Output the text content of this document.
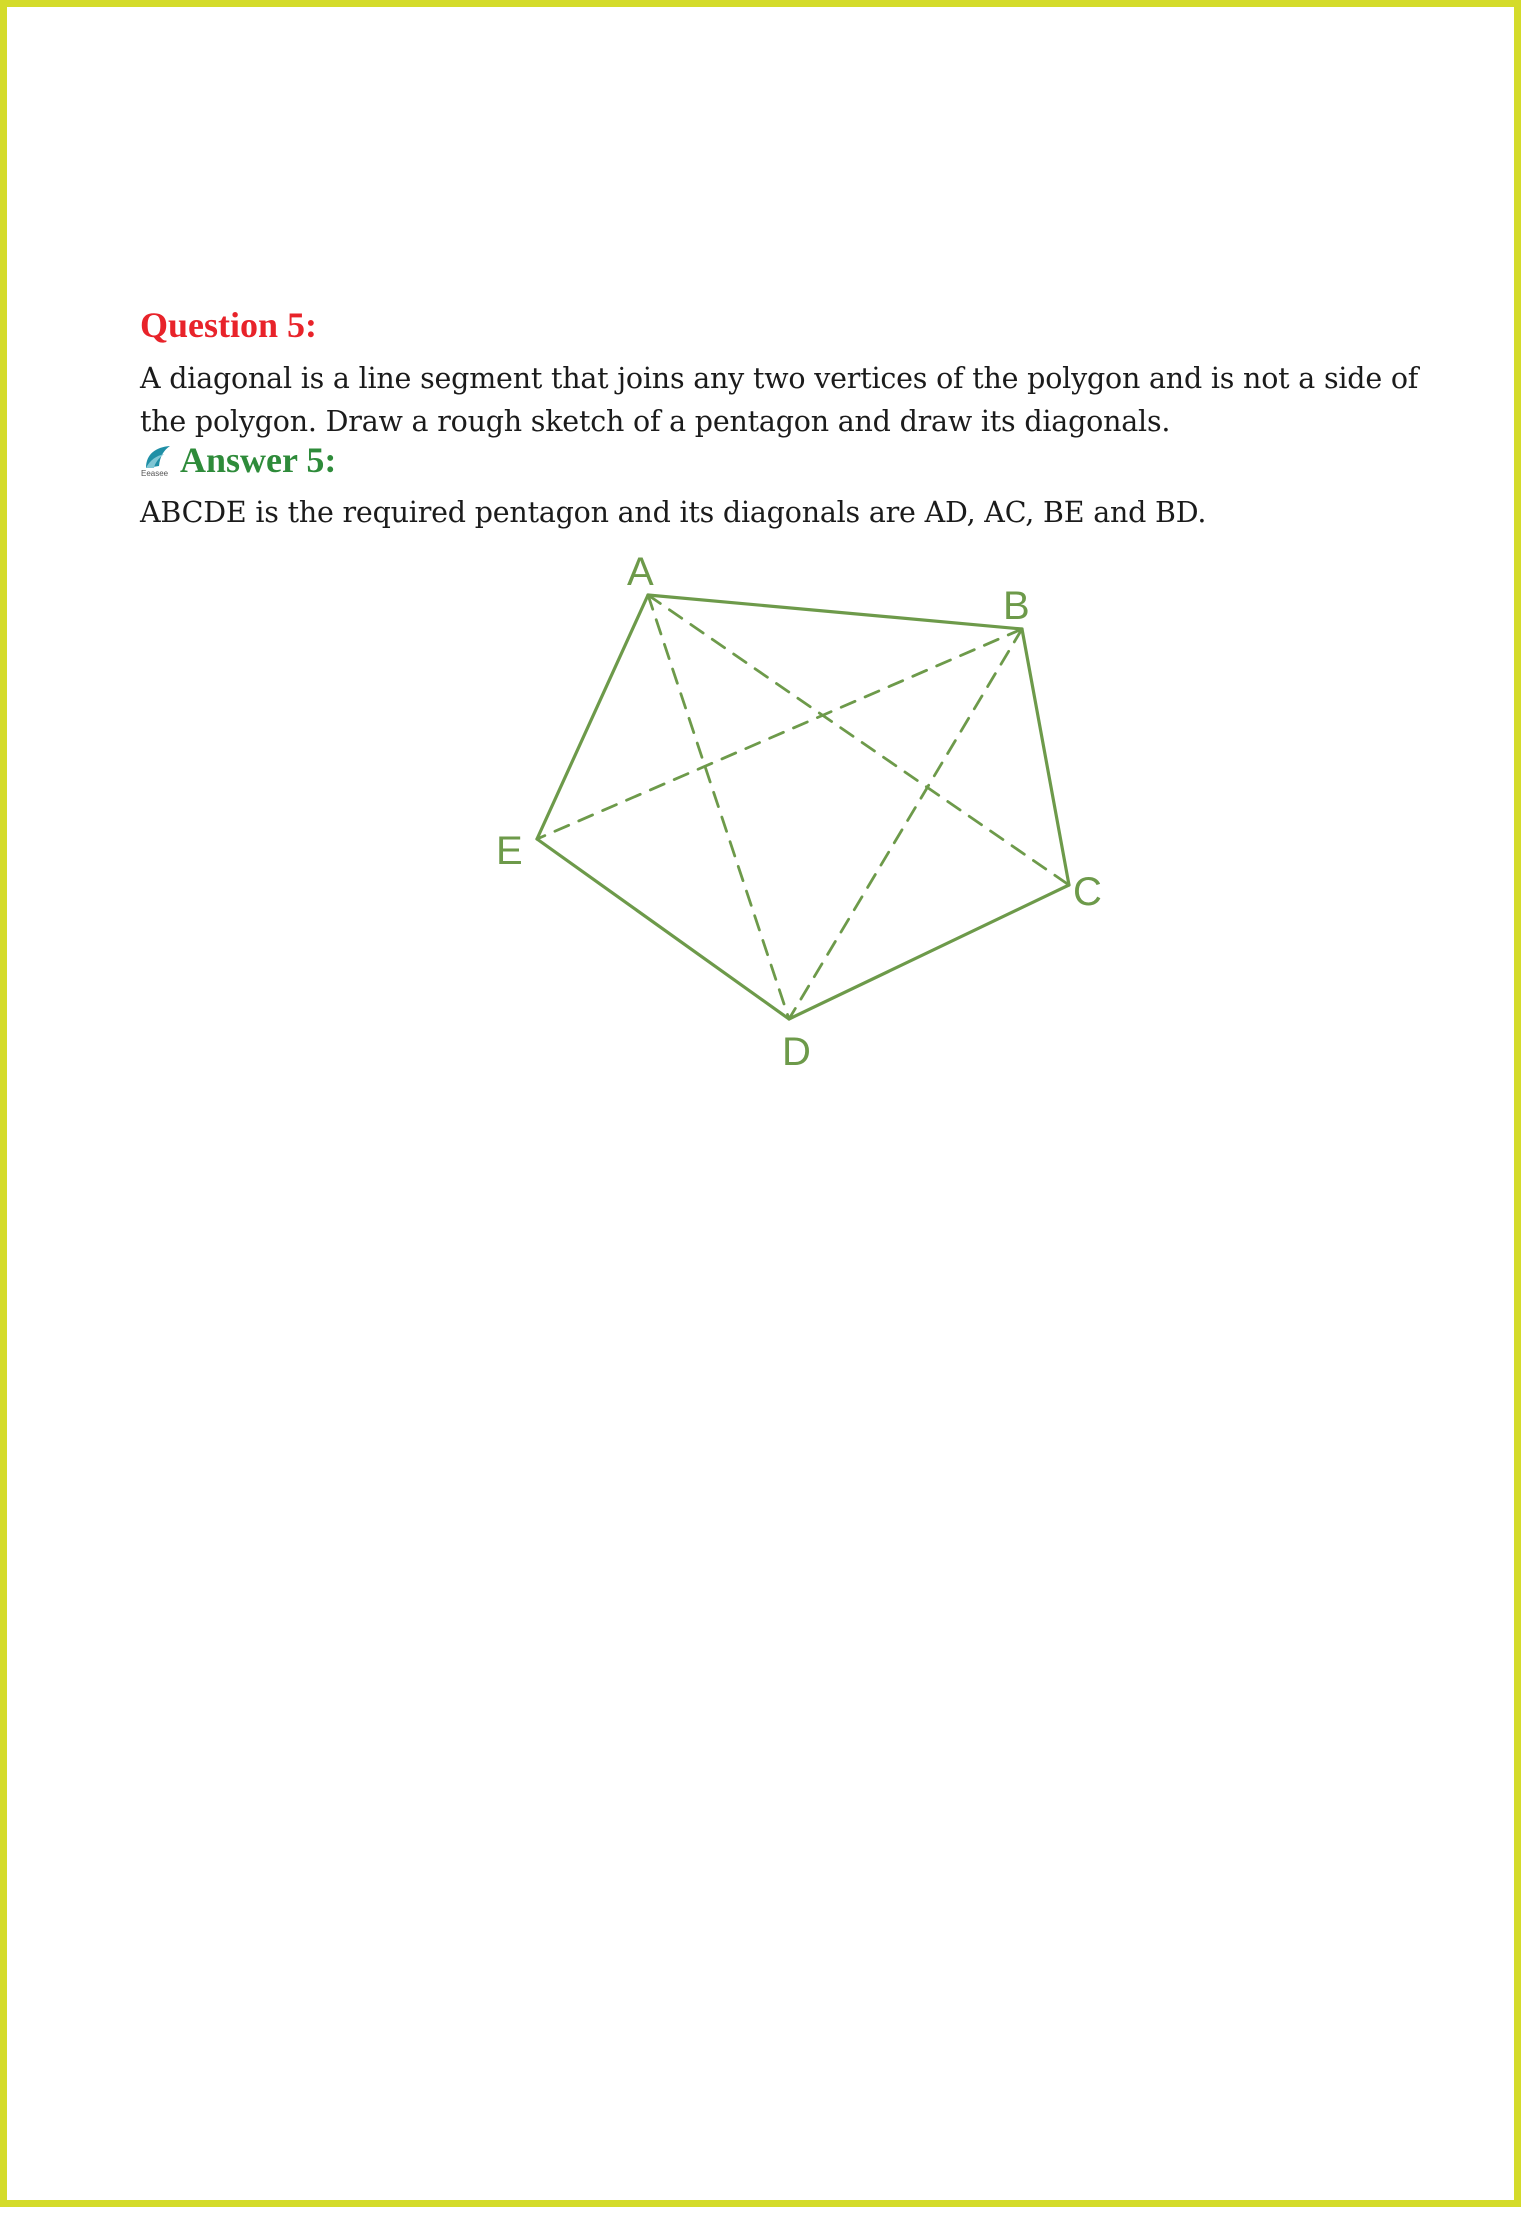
Question 5:
A diagonal is a line segment that joins any two vertices of the polygon and is not a side of
the polygon. Draw a rough sketch of a pentagon and draw its diagonals.
Eeasee Answer 5:
ABCDE is the required pentagon and its diagonals are AD, AC, BE and BD.
A
B
C
D
E
